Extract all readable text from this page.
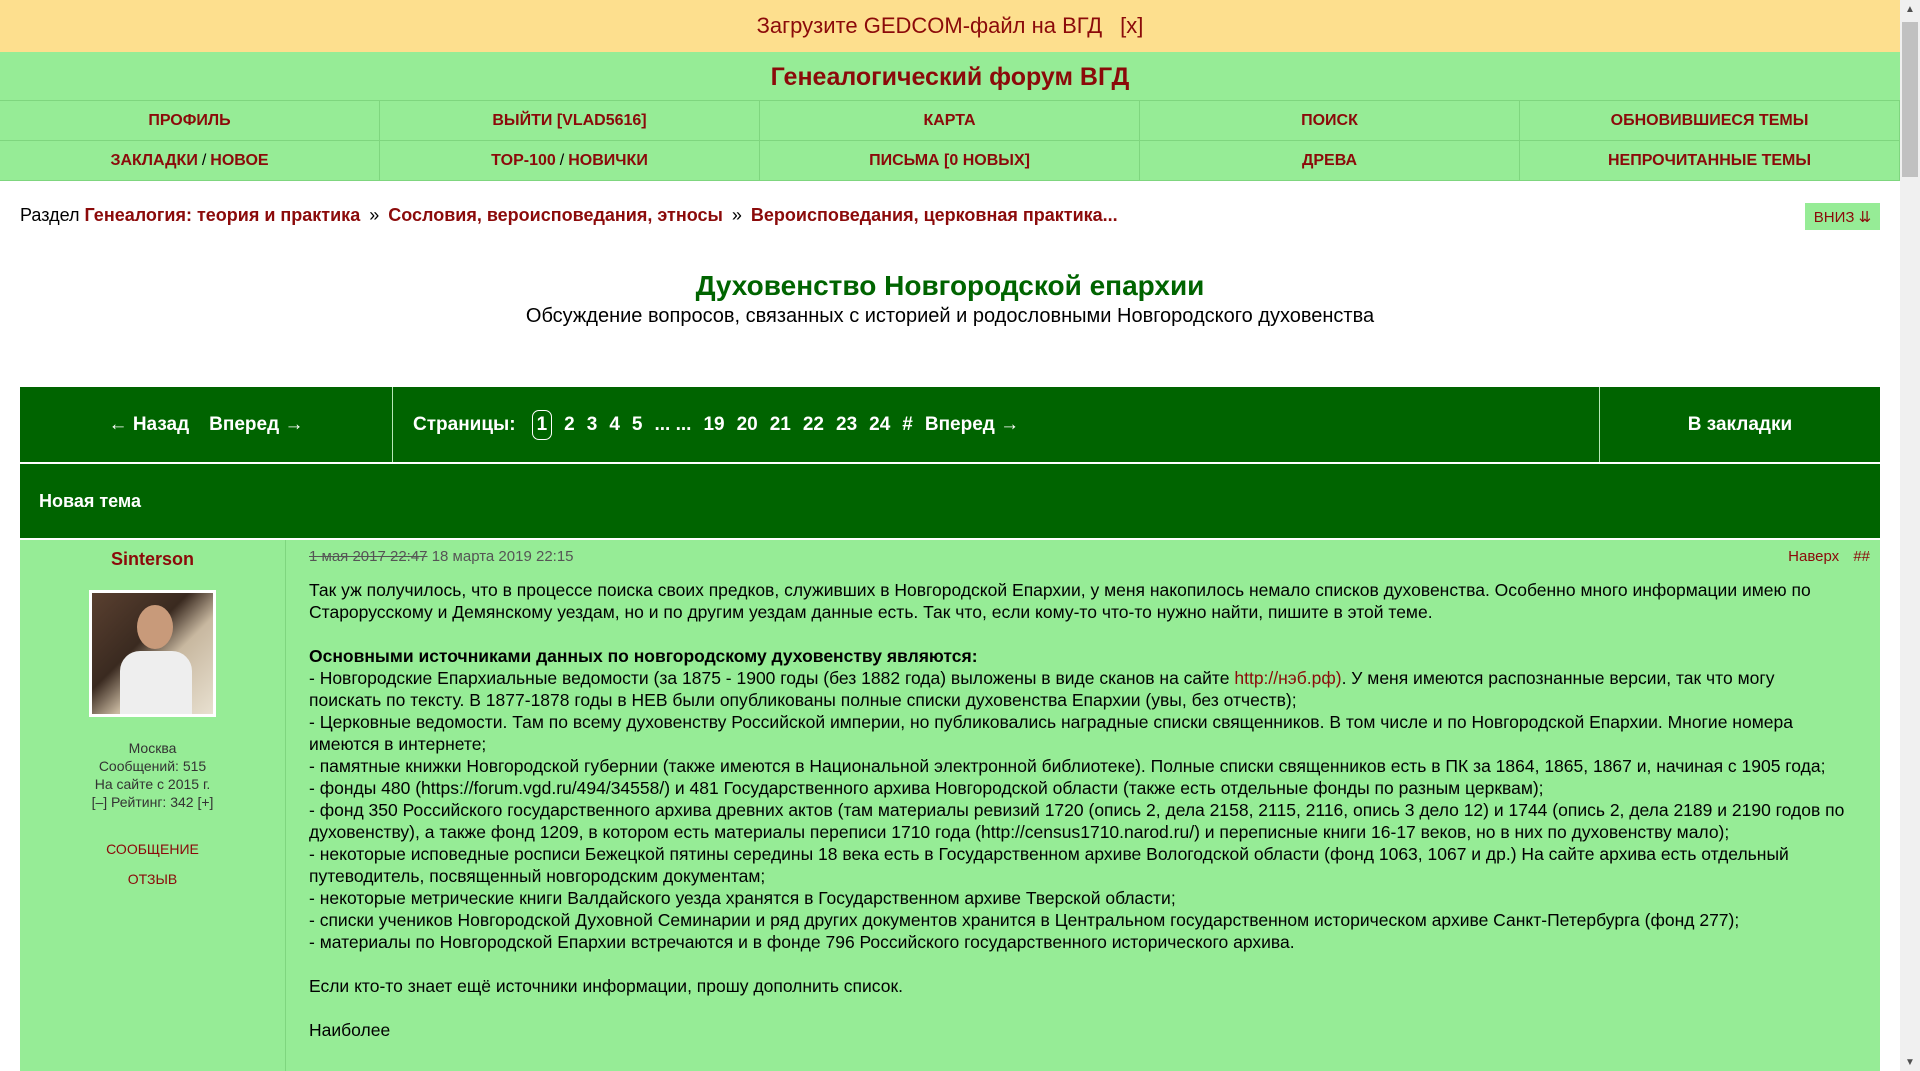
Загрузите GEDCOM-файл на ВГД [x]
Генеалогический форум ВГД
ПРОФИЛЬ	ВЫЙТИ [VLAD5616]	КАРТА	ПОИСК	ОБНОВИВШИЕСЯ ТЕМЫ
ЗАКЛАДКИ / НОВОЕ	TOP-100 / НОВИЧКИ	ПИСЬМА [0 НОВЫХ]	ДРЕВА	НЕПРОЧИТАННЫЕ ТЕМЫ
Раздел Генеалогия: теория и практика » Сословия, вероисповедания, этносы » Вероисповедания, церковная практика...	ВНИЗ ⇊
Духовенство Новгородской епархии
Обсуждение вопросов, связанных с историей и родословными Новгородского духовенства
← Назад Вперед →	Страницы: 1 2 3 4 5 ... ... 19 20 21 22 23 24 # Вперед →	В закладки
Новая тема
Sinterson
Москва
Сообщений: 515
На сайте с 2015 г.
[–] Рейтинг: 342 [+]
СООБЩЕНИЕ
ОТЗЫВ
1 мая 2017 22:47 18 марта 2019 22:15

Так уж получилось, что в процессе поиска своих предков, служивших в Новгородской Епархии, у меня накопилось немало списков духовенства. Особенно много информации имею по Старорусскому и Демянскому уездам, но и по другим уездам данные есть. Так что, если кому-то что-то нужно найти, пишите в этой теме.

Основными источниками данных по новгородскому духовенству являются:

- Новгородские Епархиальные ведомости (за 1875 - 1900 годы (без 1882 года) выложены в виде сканов на сайте http://нэб.рф). У меня имеются распознанные версии, так что могу поискать по тексту. В 1877-1878 годы в НЕВ были опубликованы полные списки духовенства Епархии (увы, без отчеств);

- Церковные ведомости. Там по всему духовенству Российской империи, но публиковались наградные списки священников. В том числе и по Новгородской Епархии. Многие номера имеются в интернете;

- памятные книжки Новгородской губернии (также имеются в Национальной электронной библиотеке). Полные списки священников есть в ПК за 1864, 1865, 1867 и, начиная с 1905 года;

- фонды 480 (https://forum.vgd.ru/494/34558/) и 481 Государственного архива Новгородской области (также есть отдельные фонды по разным церквам);

- фонд 350 Российского государственного архива древних актов (там материалы ревизий 1720 (опись 2, дела 2158, 2115, 2116, опись 3 дело 12) и 1744 (опись 2, дела 2189 и 2190 годов по духовенству), а также фонд 1209, в котором есть материалы переписи 1710 года (http://census1710.narod.ru/) и переписные книги 16-17 веков, но в них по духовенству мало);

- некоторые исповедные росписи Бежецкой пятины середины 18 века есть в Государственном архиве Вологодской области (фонд 1063, 1067 и др.) На сайте архива есть отдельный путеводитель, посвященный новгородским документам;

- некоторые метрические книги Валдайского уезда хранятся в Государственном архиве Тверской области;

- списки учеников Новгородской Духовной Семинарии и ряд других документов хранится в Центральном государственном историческом архиве Санкт-Петербурга (фонд 277);

- материалы по Новгородской Епархии встречаются и в фонде 796 Российского государственного исторического архива.

Если кто-то знает ещё источники информации, прошу дополнить список.

Наиболее

Наверх ##
▲
▼
